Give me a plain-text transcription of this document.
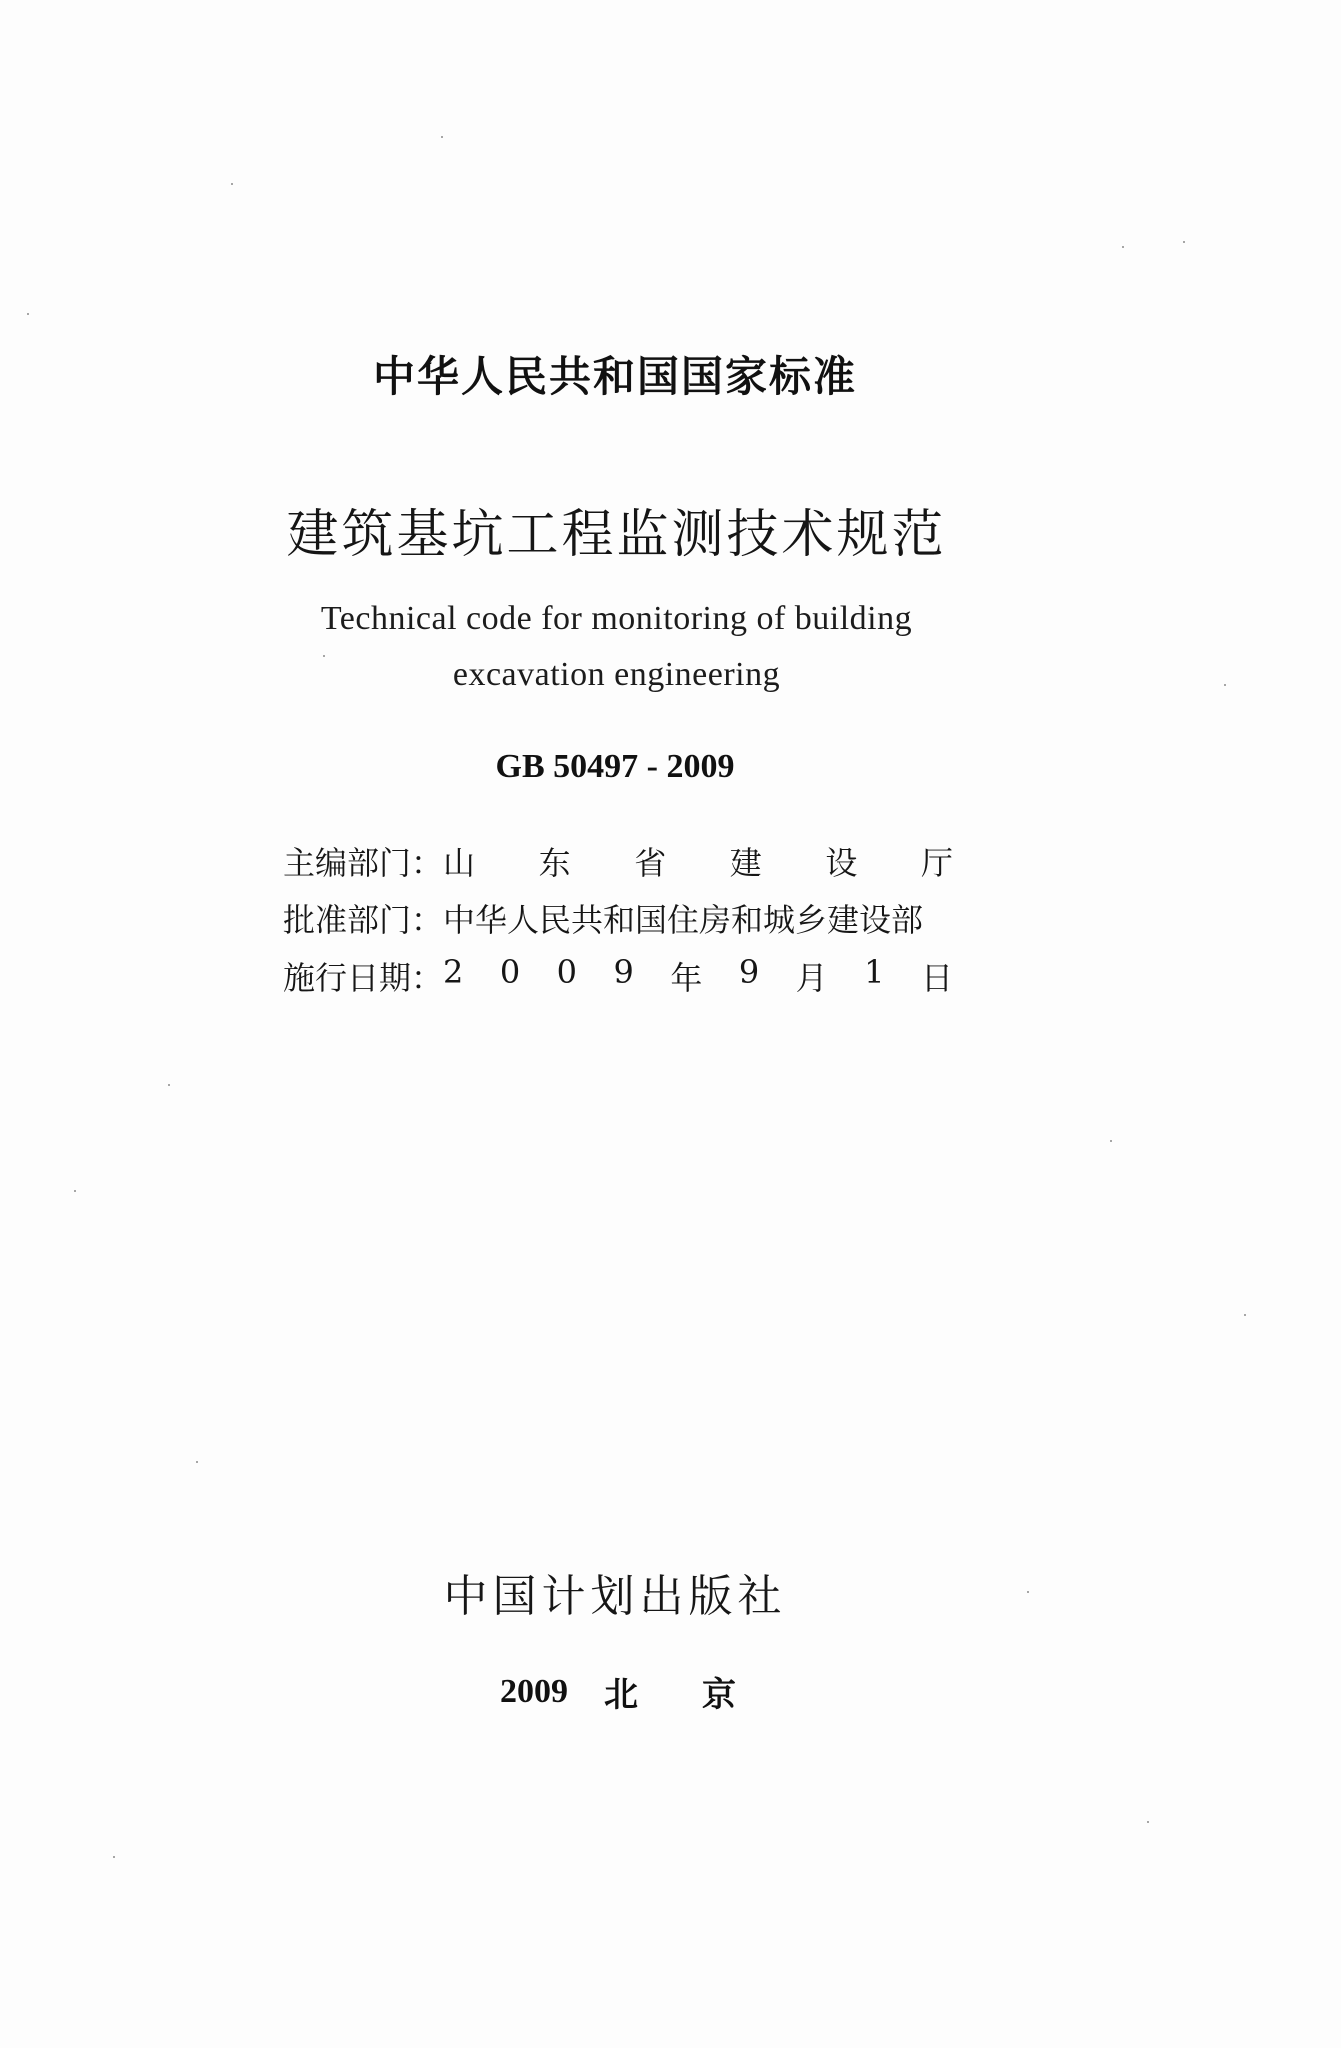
中华人民共和国国家标准
建筑基坑工程监测技术规范
Technical code for monitoring of building
excavation engineering
GB 50497 - 2009
主编部门： 山 东 省 建 设 厅
批准部门： 中华人民共和国住房和城乡建设部
施行日期： 2 0 0 9 年 9 月 1 日
中国计划出版社
2009 北 京
